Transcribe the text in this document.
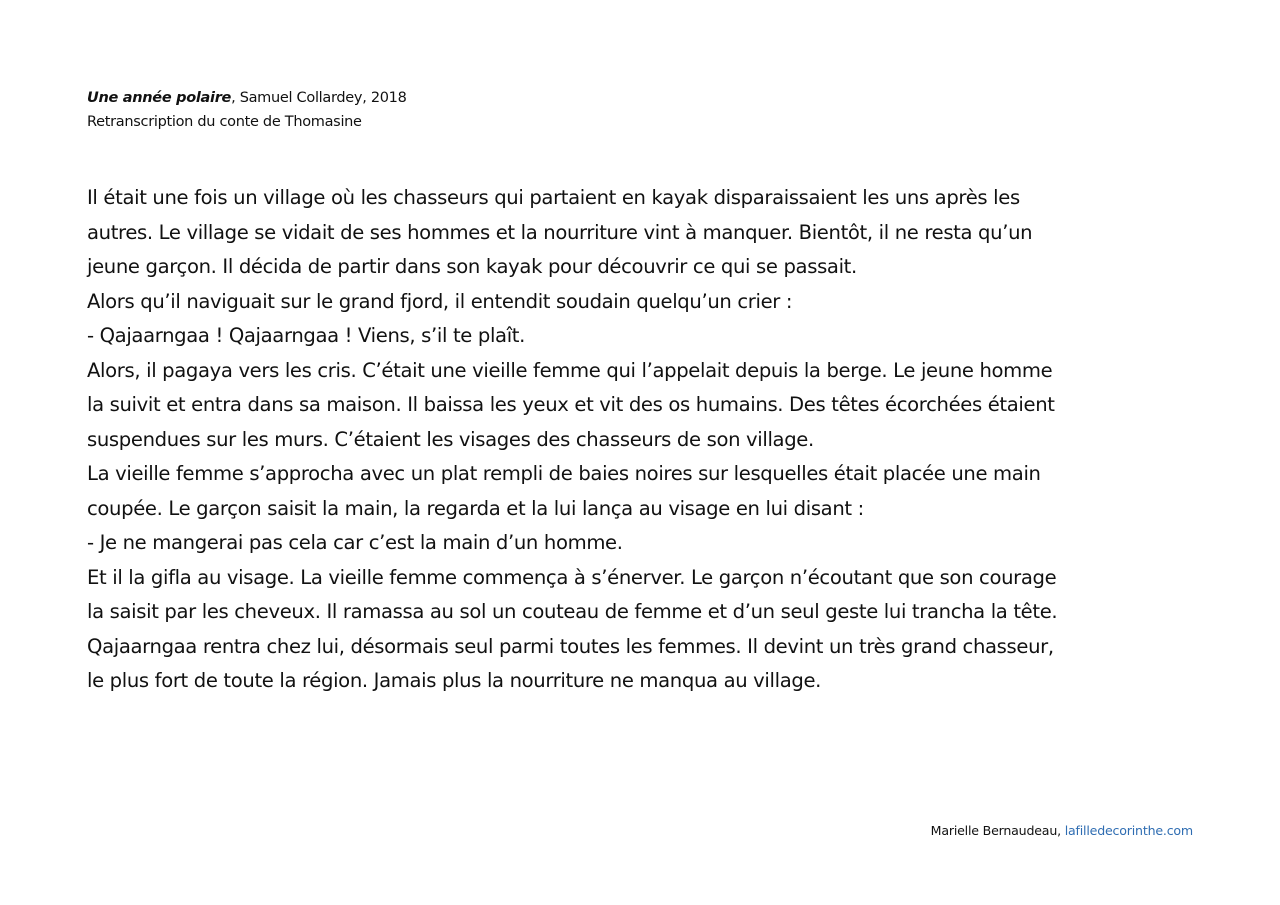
Une année polaire, Samuel Collardey, 2018
Retranscription du conte de Thomasine
Il était une fois un village où les chasseurs qui partaient en kayak disparaissaient les uns après les
autres. Le village se vidait de ses hommes et la nourriture vint à manquer. Bientôt, il ne resta qu’un
jeune garçon. Il décida de partir dans son kayak pour découvrir ce qui se passait.
Alors qu’il naviguait sur le grand fjord, il entendit soudain quelqu’un crier :
- Qajaarngaa ! Qajaarngaa ! Viens, s’il te plaît.
Alors, il pagaya vers les cris. C’était une vieille femme qui l’appelait depuis la berge. Le jeune homme
la suivit et entra dans sa maison. Il baissa les yeux et vit des os humains. Des têtes écorchées étaient
suspendues sur les murs. C’étaient les visages des chasseurs de son village.
La vieille femme s’approcha avec un plat rempli de baies noires sur lesquelles était placée une main
coupée. Le garçon saisit la main, la regarda et la lui lança au visage en lui disant :
- Je ne mangerai pas cela car c’est la main d’un homme.
Et il la gifla au visage. La vieille femme commença à s’énerver. Le garçon n’écoutant que son courage
la saisit par les cheveux. Il ramassa au sol un couteau de femme et d’un seul geste lui trancha la tête.
Qajaarngaa rentra chez lui, désormais seul parmi toutes les femmes. Il devint un très grand chasseur,
le plus fort de toute la région. Jamais plus la nourriture ne manqua au village.
Marielle Bernaudeau, lafilledecorinthe.com
